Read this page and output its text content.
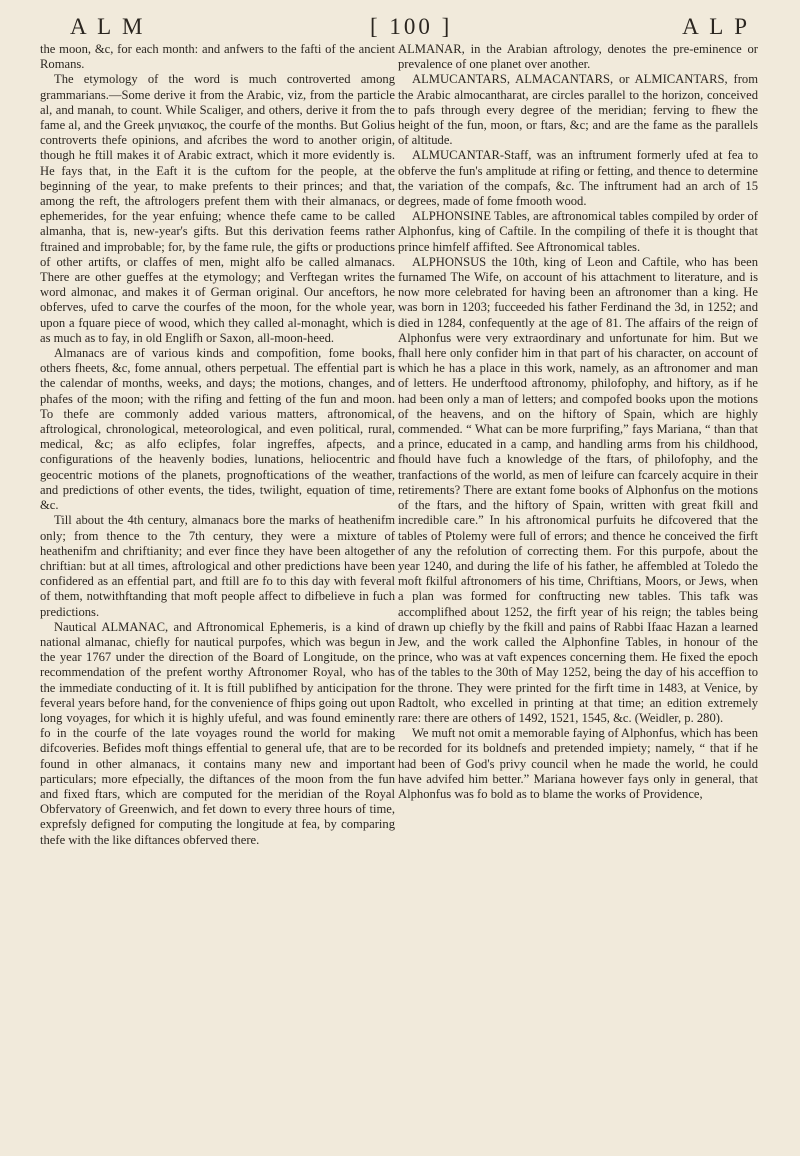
A L M	[ 100 ]	A L P

the moon, &c, for each month: and anfwers to the fafti of the ancient Romans.

The etymology of the word is much controverted among grammarians.—Some derive it from the Arabic, viz, from the particle al, and manah, to count. While Scaliger, and others, derive it from the fame al, and the Greek μηνιακος, the courfe of the months. But Golius controverts thefe opinions, and afcribes the word to another origin, though he ftill makes it of Arabic extract, which it more evidently is. He fays that, in the Eaft it is the cuftom for the people, at the beginning of the year, to make prefents to their princes; and that, among the reft, the aftrologers prefent them with their almanacs, or ephemerides, for the year enfuing; whence thefe came to be called almanha, that is, new-year's gifts. But this derivation feems rather ftrained and improbable; for, by the fame rule, the gifts or productions of other artifts, or claffes of men, might alfo be called almanacs. There are other gueffes at the etymology; and Verftegan writes the word almonac, and makes it of German original. Our anceftors, he obferves, ufed to carve the courfes of the moon, for the whole year, upon a fquare piece of wood, which they called al-monaght, which is as much as to fay, in old Englifh or Saxon, all-moon-heed.

Almanacs are of various kinds and compofition, fome books, others fheets, &c, fome annual, others perpetual. The effential part is the calendar of months, weeks, and days; the motions, changes, and phafes of the moon; with the rifing and fetting of the fun and moon. To thefe are commonly added various matters, aftronomical, aftrological, chronological, meteorological, and even political, rural, medical, &c; as alfo eclipfes, folar ingreffes, afpects, and configurations of the heavenly bodies, lunations, heliocentric and geocentric motions of the planets, prognoftications of the weather, and predictions of other events, the tides, twilight, equation of time, &c.

Till about the 4th century, almanacs bore the marks of heathenifm only; from thence to the 7th century, they were a mixture of heathenifm and chriftianity; and ever fince they have been altogether chriftian: but at all times, aftrological and other predictions have been confidered as an effential part, and ftill are fo to this day with feveral of them, notwithftanding that moft people affect to difbelieve in fuch predictions.

Nautical ALMANAC, and Aftronomical Ephemeris, is a kind of national almanac, chiefly for nautical purpofes, which was begun in the year 1767 under the direction of the Board of Longitude, on the recommendation of the prefent worthy Aftronomer Royal, who has the immediate conducting of it. It is ftill publifhed by anticipation for feveral years before hand, for the convenience of fhips going out upon long voyages, for which it is highly ufeful, and was found eminently fo in the courfe of the late voyages round the world for making difcoveries. Befides moft things effential to general ufe, that are to be found in other almanacs, it contains many new and important particulars; more efpecially, the diftances of the moon from the fun and fixed ftars, which are computed for the meridian of the Royal Obfervatory of Greenwich, and fet down to every three hours of time, exprefsly defigned for computing the longitude at fea, by comparing thefe with the like diftances obferved there.

ALMANAR, in the Arabian aftrology, denotes the pre-eminence or prevalence of one planet over another.

ALMUCANTARS, ALMACANTARS, or ALMICANTARS, from the Arabic almocantharat, are circles parallel to the horizon, conceived to pafs through every degree of the meridian; ferving to fhew the height of the fun, moon, or ftars, &c; and are the fame as the parallels of altitude.

ALMUCANTAR-Staff, was an inftrument formerly ufed at fea to obferve the fun's amplitude at rifing or fetting, and thence to determine the variation of the compafs, &c. The inftrument had an arch of 15 degrees, made of fome fmooth wood.

ALPHONSINE Tables, are aftronomical tables compiled by order of Alphonfus, king of Caftile. In the compiling of thefe it is thought that prince himfelf affifted. See Aftronomical tables.

ALPHONSUS the 10th, king of Leon and Caftile, who has been furnamed The Wife, on account of his attachment to literature, and is now more celebrated for having been an aftronomer than a king. He was born in 1203; fucceeded his father Ferdinand the 3d, in 1252; and died in 1284, confequently at the age of 81. The affairs of the reign of Alphonfus were very extraordinary and unfortunate for him. But we fhall here only confider him in that part of his character, on account of which he has a place in this work, namely, as an aftronomer and man of letters. He underftood aftronomy, philofophy, and hiftory, as if he had been only a man of letters; and compofed books upon the motions of the heavens, and on the hiftory of Spain, which are highly commended. “ What can be more furprifing,” fays Mariana, “ than that a prince, educated in a camp, and handling arms from his childhood, fhould have fuch a knowledge of the ftars, of philofophy, and the tranfactions of the world, as men of leifure can fcarcely acquire in their retirements? There are extant fome books of Alphonfus on the motions of the ftars, and the hiftory of Spain, written with great fkill and incredible care.” In his aftronomical purfuits he difcovered that the tables of Ptolemy were full of errors; and thence he conceived the firft of any the refolution of correcting them. For this purpofe, about the year 1240, and during the life of his father, he affembled at Toledo the moft fkilful aftronomers of his time, Chriftians, Moors, or Jews, when a plan was formed for conftructing new tables. This tafk was accomplifhed about 1252, the firft year of his reign; the tables being drawn up chiefly by the fkill and pains of Rabbi Ifaac Hazan a learned Jew, and the work called the Alphonfine Tables, in honour of the prince, who was at vaft expences concerning them. He fixed the epoch of the tables to the 30th of May 1252, being the day of his acceffion to the throne. They were printed for the firft time in 1483, at Venice, by Radtolt, who excelled in printing at that time; an edition extremely rare: there are others of 1492, 1521, 1545, &c. (Weidler, p. 280).

We muft not omit a memorable faying of Alphonfus, which has been recorded for its boldnefs and pretended impiety; namely, “ that if he had been of God's privy council when he made the world, he could have advifed him better.” Mariana however fays only in general, that Alphonfus was fo bold as to blame the works of Providence,
